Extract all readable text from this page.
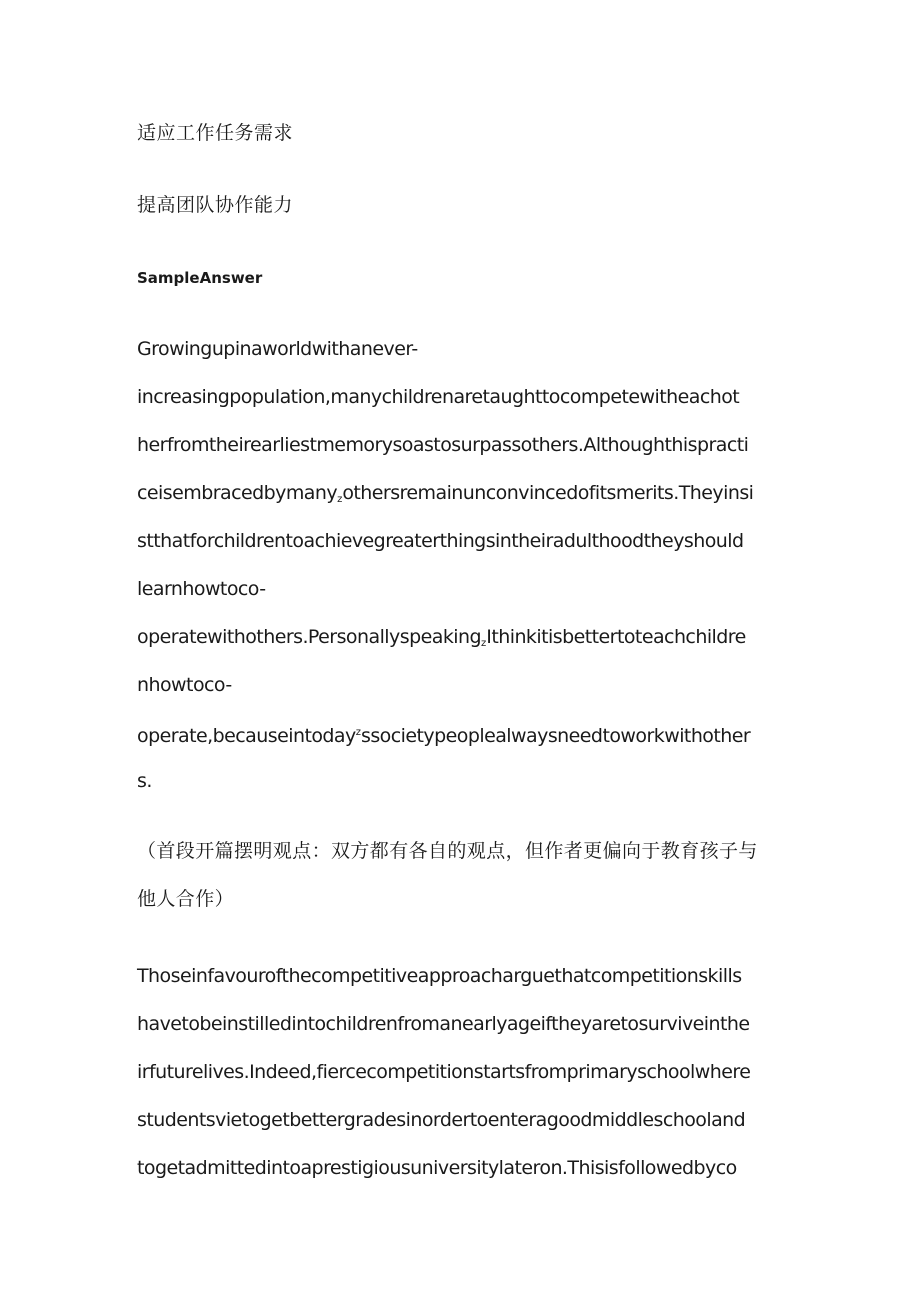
适应工作任务需求
提高团队协作能力
SampleAnswer
Growingupinaworldwithanever-
increasingpopulation,manychildrenaretaughttocompetewitheachot
herfromtheirearliestmemorysoastosurpassothers.Althoughthispracti
ceisembracedbymany$_z$othersremainunconvincedofitsmerits.Theyinsi
stthatforchildrentoachievegreaterthingsintheiradulthoodtheyshould
learnhowtoco-
operatewithothers.Personallyspeaking$_z$Ithinkitisbettertoteachchildre
nhowtoco-
operate,becauseintoday$^z$ssocietypeoplealwaysneedtoworkwithother
s.
（首段开篇摆明观点：双方都有各自的观点，但作者更偏向于教育孩子与
他人合作）
Thoseinfavourofthecompetitiveapproacharguethatcompetitionskills
havetobeinstilledintochildrenfromanearlyageiftheyaretosurviveinthe
irfuturelives.Indeed,fiercecompetitionstartsfromprimaryschoolwhere
studentsvietogetbettergradesinordertoenteragoodmiddleschooland
togetadmittedintoaprestigiousuniversitylateron.Thisisfollowedbyco
